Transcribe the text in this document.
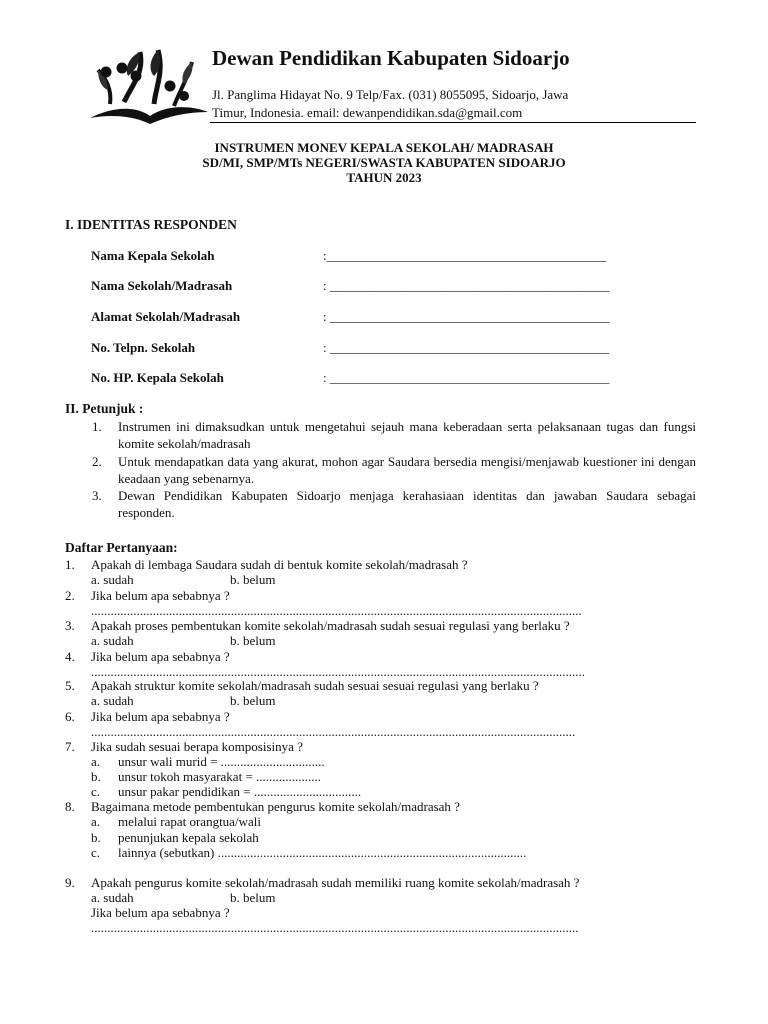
Dewan Pendidikan Kabupaten Sidoarjo
Jl. Panglima Hidayat No. 9 Telp/Fax. (031) 8055095, Sidoarjo, Jawa
Timur, Indonesia. email: dewanpendidikan.sda@gmail.com
INSTRUMEN MONEV KEPALA SEKOLAH/ MADRASAH
SD/MI, SMP/MTs NEGERI/SWASTA KABUPATEN SIDOARJO
TAHUN 2023
I. IDENTITAS RESPONDEN
Nama Kepala Sekolah	:___________________________________________
Nama Sekolah/Madrasah	: ___________________________________________
Alamat Sekolah/Madrasah	: ___________________________________________
No. Telpn. Sekolah	: ___________________________________________
No. HP. Kepala Sekolah	: ___________________________________________
II. Petunjuk :
1. Instrumen ini dimaksudkan untuk mengetahui sejauh mana keberadaan serta pelaksanaan tugas dan fungsi komite sekolah/madrasah
2. Untuk mendapatkan data yang akurat, mohon agar Saudara bersedia mengisi/menjawab kuestioner ini dengan keadaan yang sebenarnya.
3. Dewan Pendidikan Kabupaten Sidoarjo menjaga kerahasiaan identitas dan jawaban Saudara sebagai responden.
Daftar Pertanyaan:
1. Apakah di lembaga Saudara sudah di bentuk komite sekolah/madrasah ?
a. sudah	b. belum
2. Jika belum apa sebabnya ?
.......................................................................................................................................................
3. Apakah proses pembentukan komite sekolah/madrasah sudah sesuai regulasi yang berlaku ?
a. sudah	b. belum
4. Jika belum apa sebabnya ?
........................................................................................................................................................
5. Apakah struktur komite sekolah/madrasah sudah sesuai sesuai regulasi yang berlaku ?
a. sudah	b. belum
6. Jika belum apa sebabnya ?
.....................................................................................................................................................
7. Jika sudah sesuai berapa komposisinya ?
a. unsur wali murid = ................................
b. unsur tokoh masyarakat = ....................
c. unsur pakar pendidikan = .................................
8. Bagaimana metode pembentukan pengurus komite sekolah/madrasah ?
a. melalui rapat orangtua/wali
b. penunjukan kepala sekolah
c. lainnya (sebutkan) ...............................................................................................
9. Apakah pengurus komite sekolah/madrasah sudah memiliki ruang komite sekolah/madrasah ?
a. sudah	b. belum
Jika belum apa sebabnya ?
......................................................................................................................................................
